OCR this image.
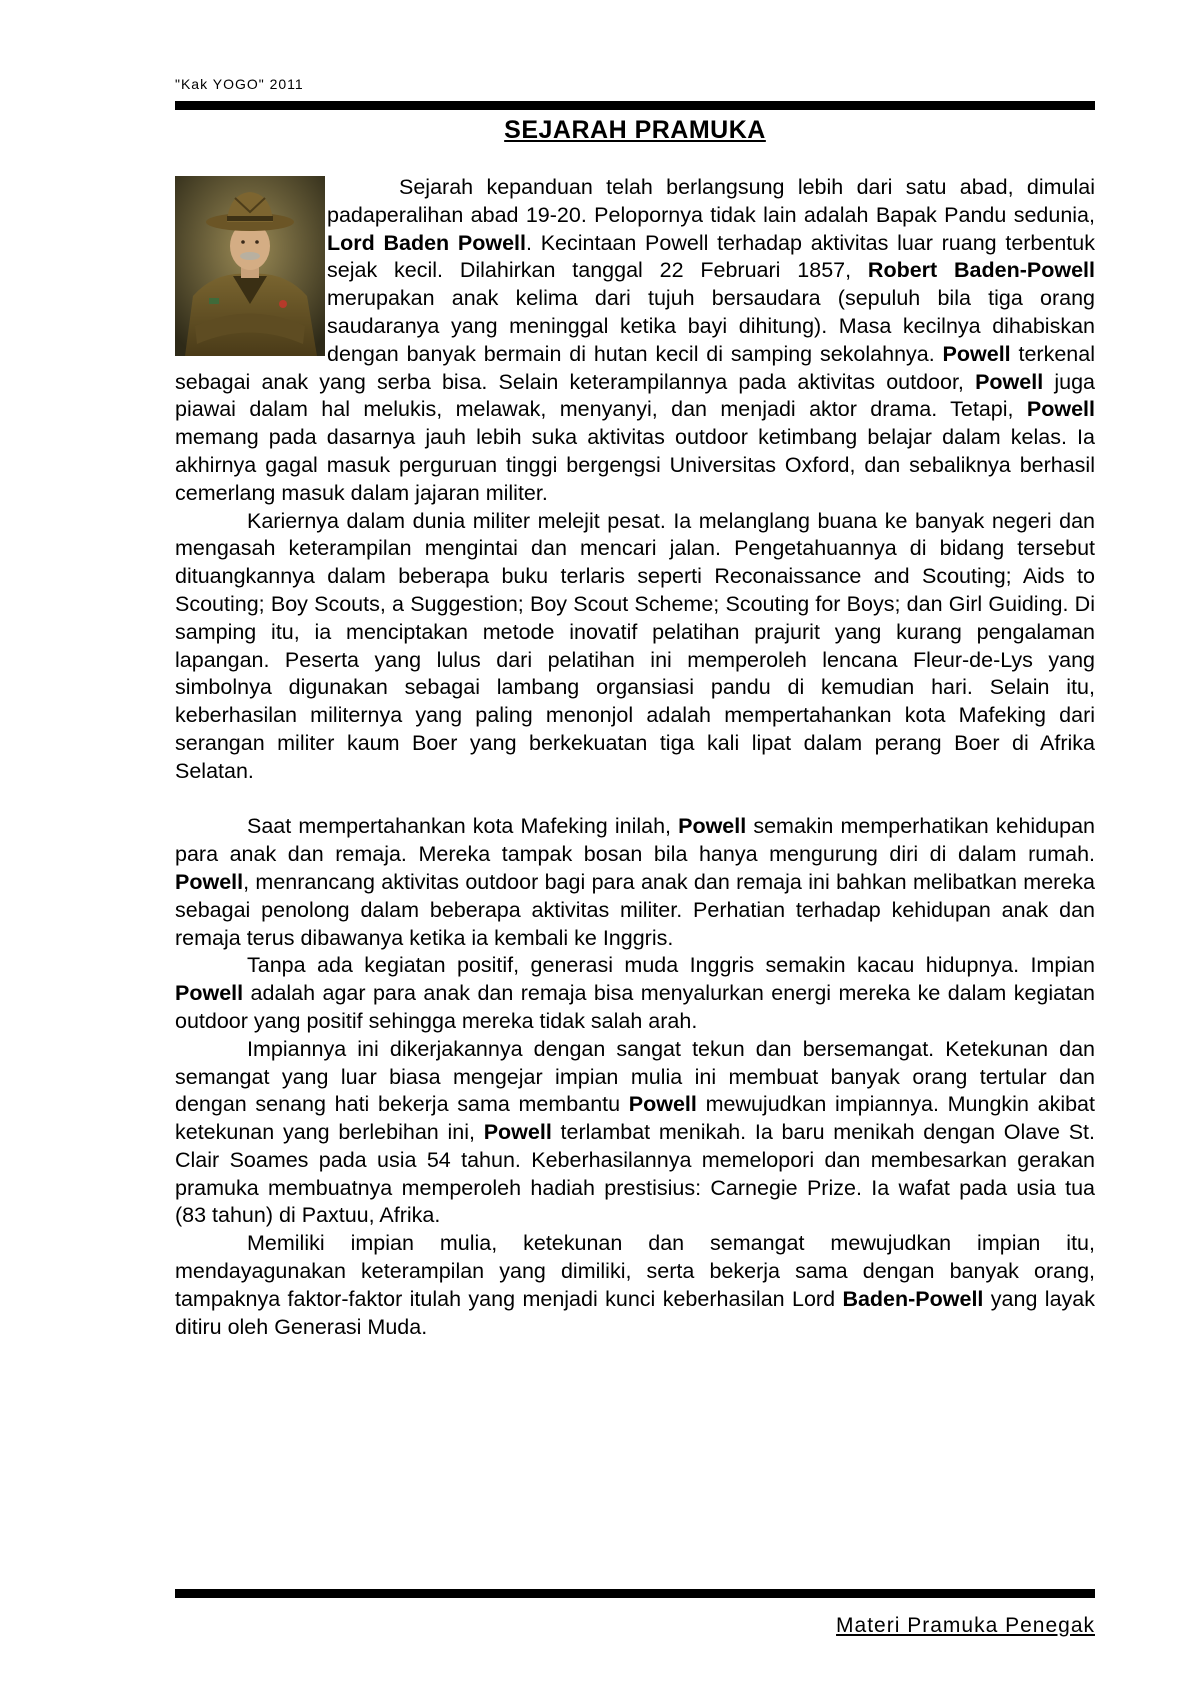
"Kak YOGO" 2011
SEJARAH PRAMUKA

Sejarah kepanduan telah berlangsung lebih dari satu abad, dimulai padaperalihan abad 19-20. Pelopornya tidak lain adalah Bapak Pandu sedunia, Lord Baden Powell. Kecintaan Powell terhadap aktivitas luar ruang terbentuk sejak kecil. Dilahirkan tanggal 22 Februari 1857, Robert Baden-Powell merupakan anak kelima dari tujuh bersaudara (sepuluh bila tiga orang saudaranya yang meninggal ketika bayi dihitung). Masa kecilnya dihabiskan dengan banyak bermain di hutan kecil di samping sekolahnya. Powell terkenal sebagai anak yang serba bisa. Selain keterampilannya pada aktivitas outdoor, Powell juga piawai dalam hal melukis, melawak, menyanyi, dan menjadi aktor drama. Tetapi, Powell memang pada dasarnya jauh lebih suka aktivitas outdoor ketimbang belajar dalam kelas. Ia akhirnya gagal masuk perguruan tinggi bergengsi Universitas Oxford, dan sebaliknya berhasil cemerlang masuk dalam jajaran militer.

Kariernya dalam dunia militer melejit pesat. Ia melanglang buana ke banyak negeri dan mengasah keterampilan mengintai dan mencari jalan. Pengetahuannya di bidang tersebut dituangkannya dalam beberapa buku terlaris seperti Reconaissance and Scouting; Aids to Scouting; Boy Scouts, a Suggestion; Boy Scout Scheme; Scouting for Boys; dan Girl Guiding. Di samping itu, ia menciptakan metode inovatif pelatihan prajurit yang kurang pengalaman lapangan. Peserta yang lulus dari pelatihan ini memperoleh lencana Fleur-de-Lys yang simbolnya digunakan sebagai lambang organsiasi pandu di kemudian hari. Selain itu, keberhasilan militernya yang paling menonjol adalah mempertahankan kota Mafeking dari serangan militer kaum Boer yang berkekuatan tiga kali lipat dalam perang Boer di Afrika Selatan.

Saat mempertahankan kota Mafeking inilah, Powell semakin memperhatikan kehidupan para anak dan remaja. Mereka tampak bosan bila hanya mengurung diri di dalam rumah. Powell, menrancang aktivitas outdoor bagi para anak dan remaja ini bahkan melibatkan mereka sebagai penolong dalam beberapa aktivitas militer. Perhatian terhadap kehidupan anak dan remaja terus dibawanya ketika ia kembali ke Inggris.

Tanpa ada kegiatan positif, generasi muda Inggris semakin kacau hidupnya. Impian Powell adalah agar para anak dan remaja bisa menyalurkan energi mereka ke dalam kegiatan outdoor yang positif sehingga mereka tidak salah arah.

Impiannya ini dikerjakannya dengan sangat tekun dan bersemangat. Ketekunan dan semangat yang luar biasa mengejar impian mulia ini membuat banyak orang tertular dan dengan senang hati bekerja sama membantu Powell mewujudkan impiannya. Mungkin akibat ketekunan yang berlebihan ini, Powell terlambat menikah. Ia baru menikah dengan Olave St. Clair Soames pada usia 54 tahun. Keberhasilannya memelopori dan membesarkan gerakan pramuka membuatnya memperoleh hadiah prestisius: Carnegie Prize. Ia wafat pada usia tua (83 tahun) di Paxtuu, Afrika.

Memiliki impian mulia, ketekunan dan semangat mewujudkan impian itu, mendayagunakan keterampilan yang dimiliki, serta bekerja sama dengan banyak orang, tampaknya faktor-faktor itulah yang menjadi kunci keberhasilan Lord Baden-Powell yang layak ditiru oleh Generasi Muda.

Materi Pramuka Penegak
